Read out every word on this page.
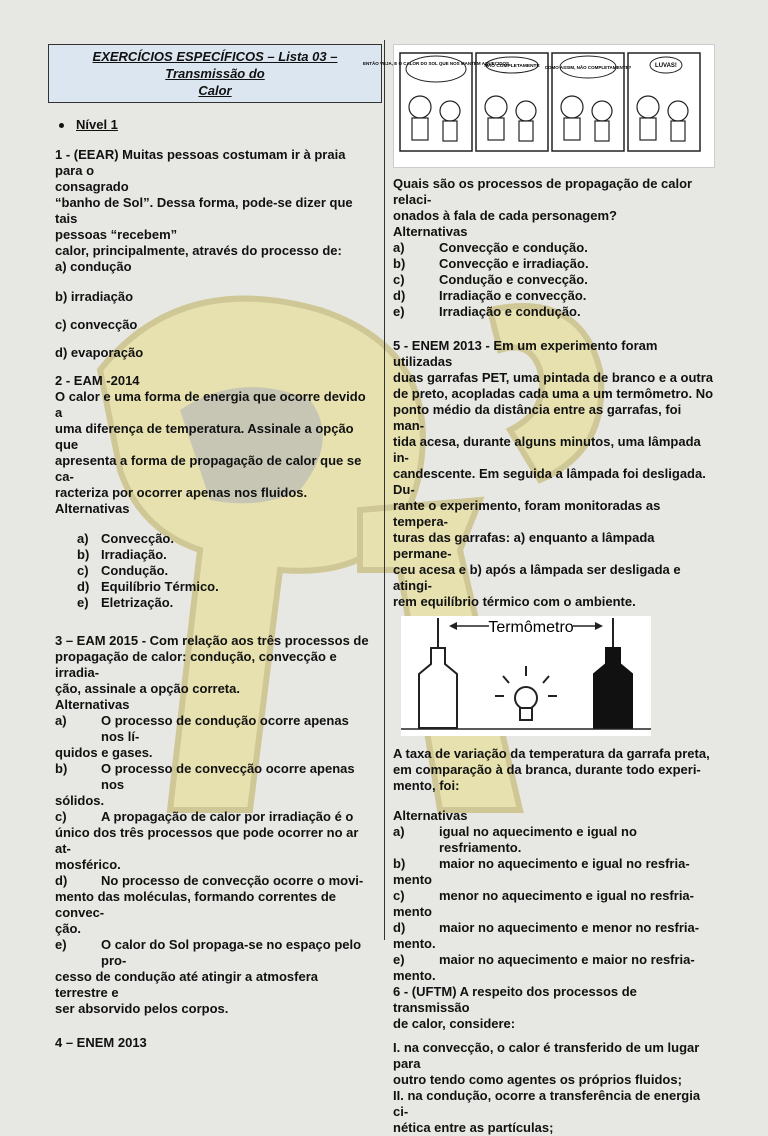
EXERCÍCIOS ESPECÍFICOS – Lista 03 – Transmissão do
Calor
Nível 1

1 - (EEAR) Muitas pessoas costumam ir à praia para o

consagrado

“banho de Sol”. Dessa forma, pode-se dizer que tais

pessoas “recebem”

calor, principalmente, através do processo de:

a) condução

b) irradiação

c) convecção

d) evaporação

2 - EAM -2014

O calor e uma forma de energia que ocorre devido a

uma diferença de temperatura. Assinale a opção que

apresenta a forma de propagação de calor que se ca-

racteriza por ocorrer apenas nos fluidos.

Alternativas

a) Convecção.
b) Irradiação.
c) Condução.
d) Equilíbrio Térmico.
e) Eletrização.

3 – EAM 2015 - Com relação aos três processos de

propagação de calor: condução, convecção e irradia-

ção, assinale a opção correta.

Alternativas

a)	O processo de condução ocorre apenas nos lí-

quidos e gases.

b)	O processo de convecção ocorre apenas nos

sólidos.

c)	A propagação de calor por irradiação é o

único dos três processos que pode ocorrer no ar at-

mosférico.

d)	No processo de convecção ocorre o movi-

mento das moléculas, formando correntes de convec-

ção.

e)	O calor do Sol propaga-se no espaço pelo pro-

cesso de condução até atingir a atmosfera terrestre e

ser absorvido pelos corpos.

4 – ENEM 2013

ENTÃO VEJA, E O CALOR DO SOL QUE NOS MANTÉM AQUECIDOS
NÃO COMPLETAMENTE COMO ASSIM, NÃO COMPLETAMENTE?	LUVAS!

Quais são os processos de propagação de calor relaci-

onados à fala de cada personagem?

Alternativas

a)	Convecção e condução.
b)	Convecção e irradiação.
c)	Condução e convecção.
d)	Irradiação e convecção.
e)	Irradiação e condução.

5 - ENEM 2013 - Em um experimento foram utilizadas

duas garrafas PET, uma pintada de branco e a outra

de preto, acopladas cada uma a um termômetro. No

ponto médio da distância entre as garrafas, foi man-

tida acesa, durante alguns minutos, uma lâmpada in-

candescente. Em seguida a lâmpada foi desligada. Du-

rante o experimento, foram monitoradas as tempera-

turas das garrafas: a) enquanto a lâmpada permane-

ceu acesa e b) após a lâmpada ser desligada e atingi-

rem equilíbrio térmico com o ambiente.

Termômetro

A taxa de variação da temperatura da garrafa preta,

em comparação à da branca, durante todo experi-

mento, foi:

Alternativas

a)	igual no aquecimento e igual no resfriamento.
b)	maior no aquecimento e igual no resfria-

mento

c)	menor no aquecimento e igual no resfria-

mento

d)	maior no aquecimento e menor no resfria-

mento.

e)	maior no aquecimento e maior no resfria-

mento.

6 - (UFTM) A respeito dos processos de transmissão

de calor, considere:

I. na convecção, o calor é transferido de um lugar para

outro tendo como agentes os próprios fluidos;

II. na condução, ocorre a transferência de energia ci-

nética entre as partículas;
